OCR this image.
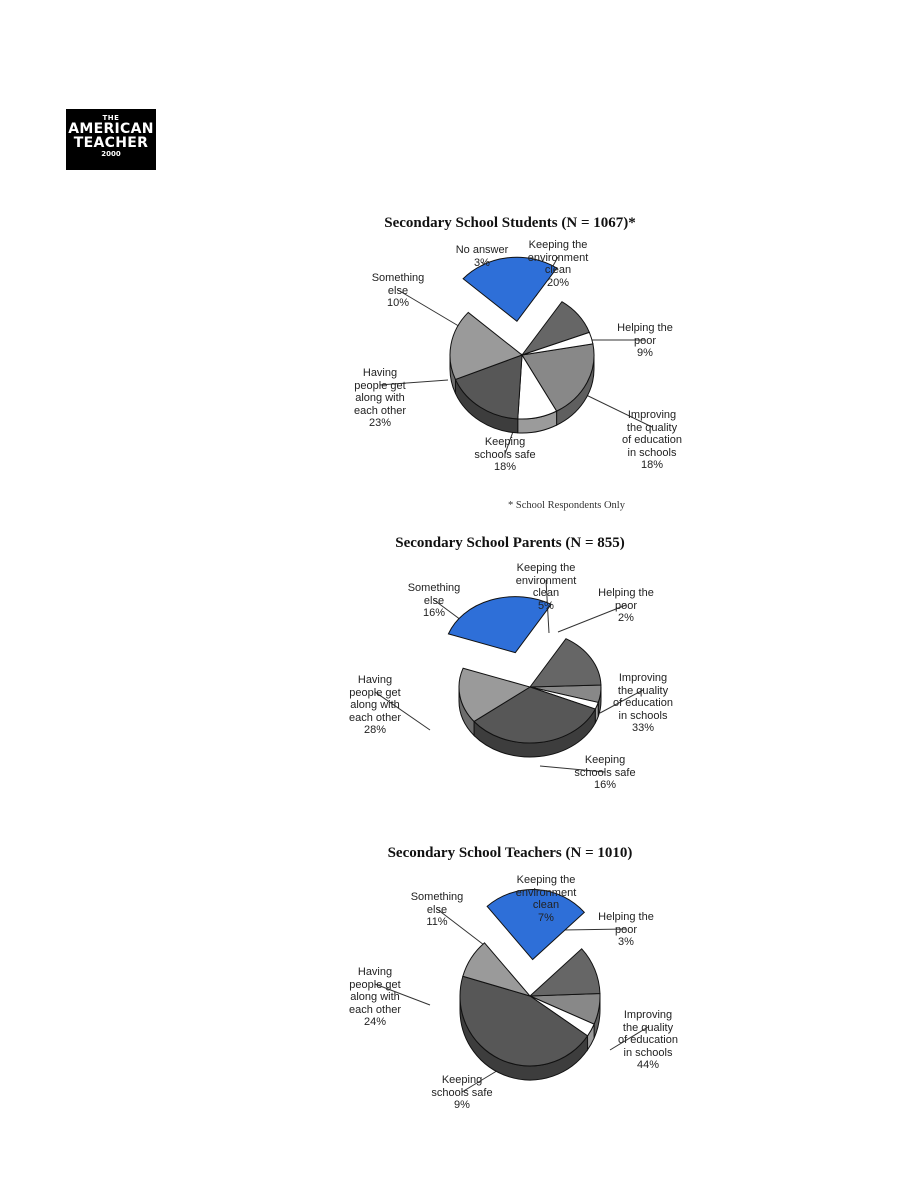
THE
AMERICAN
TEACHER
2000
Secondary School Students (N = 1067)*
* School Respondents Only
Keeping the
environment
clean
20%
Helping the
poor
9%
Improving
the quality
of education
in schools
18%
Keeping
schools safe
18%
Having
people get
along with
each other
23%
Something
else
10%
No answer
3%
Secondary School Parents (N = 855)
Keeping the
environment
clean
5%
Helping the
poor
2%
Improving
the quality
of education
in schools
33%
Keeping
schools safe
16%
Having
people get
along with
each other
28%
Something
else
16%
Secondary School Teachers (N = 1010)
Keeping the
environment
clean
7%	Helping the
poor
3%
Improving
the quality
of education
in schools
44%
Keeping
schools safe
9%
Having
people get
along with
each other
24%
Something
else
11%
